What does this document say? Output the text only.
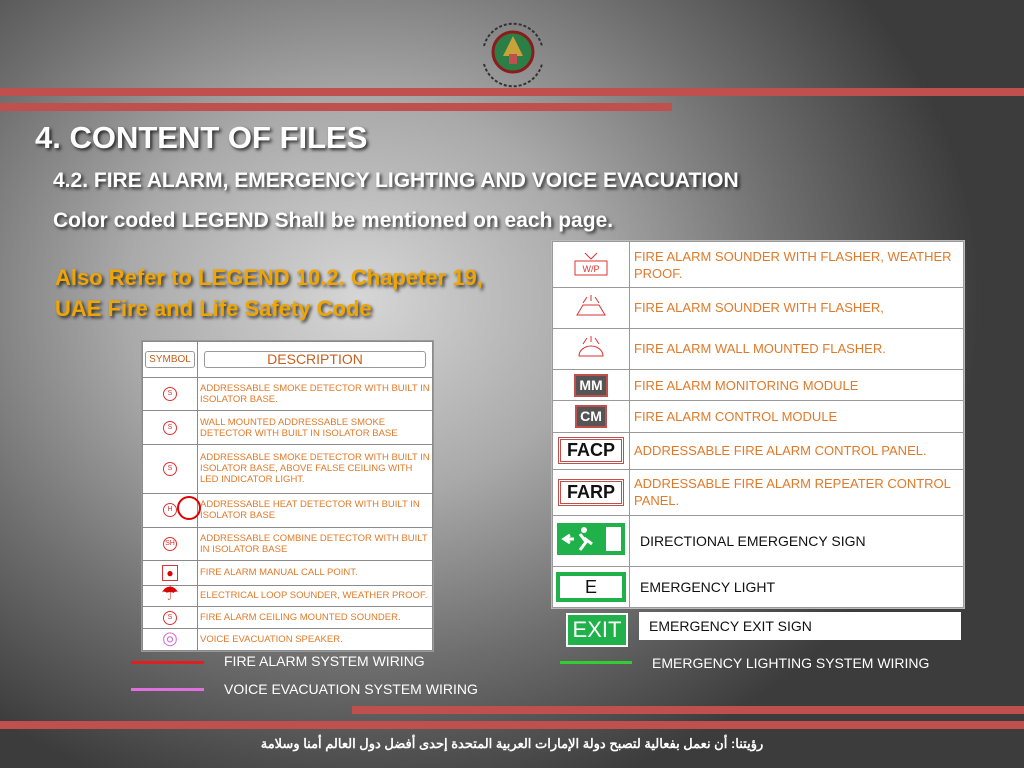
4. CONTENT OF FILES
4.2. FIRE ALARM, EMERGENCY LIGHTING AND VOICE EVACUATION
Color coded LEGEND Shall be mentioned on each page.
Also Refer to LEGEND 10.2. Chapeter 19, UAE Fire and Life Safety Code
SYMBOL	DESCRIPTION

S	ADDRESSABLE SMOKE DETECTOR WITH BUILT IN ISOLATOR BASE.
S	WALL MOUNTED ADDRESSABLE SMOKE DETECTOR WITH BUILT IN ISOLATOR BASE
S	ADDRESSABLE SMOKE DETECTOR WITH BUILT IN ISOLATOR BASE, ABOVE FALSE CEILING WITH LED INDICATOR LIGHT.
H	ADDRESSABLE HEAT DETECTOR WITH BUILT IN ISOLATOR BASE
SH	ADDRESSABLE COMBINE DETECTOR WITH BUILT IN ISOLATOR BASE
●	FIRE ALARM MANUAL CALL POINT.
☂	ELECTRICAL LOOP SOUNDER, WEATHER PROOF.
S	FIRE ALARM CEILING MOUNTED SOUNDER.
◎	VOICE EVACUATION SPEAKER.
W/P	FIRE ALARM SOUNDER WITH FLASHER, WEATHER PROOF.
	FIRE ALARM SOUNDER WITH FLASHER,
	FIRE ALARM WALL MOUNTED FLASHER.
MM	FIRE ALARM MONITORING MODULE
CM	FIRE ALARM CONTROL MODULE
FACP	ADDRESSABLE FIRE ALARM CONTROL PANEL.
FARP	ADDRESSABLE FIRE ALARM REPEATER CONTROL PANEL.
	DIRECTIONAL EMERGENCY SIGN
E	EMERGENCY LIGHT
EXIT	EMERGENCY EXIT SIGN
FIRE ALARM SYSTEM WIRING
VOICE EVACUATION SYSTEM WIRING
EMERGENCY LIGHTING SYSTEM WIRING
رؤيتنا: أن نعمل بفعالية لتصبح دولة الإمارات العربية المتحدة إحدى أفضل دول العالم أمنا وسلامة
